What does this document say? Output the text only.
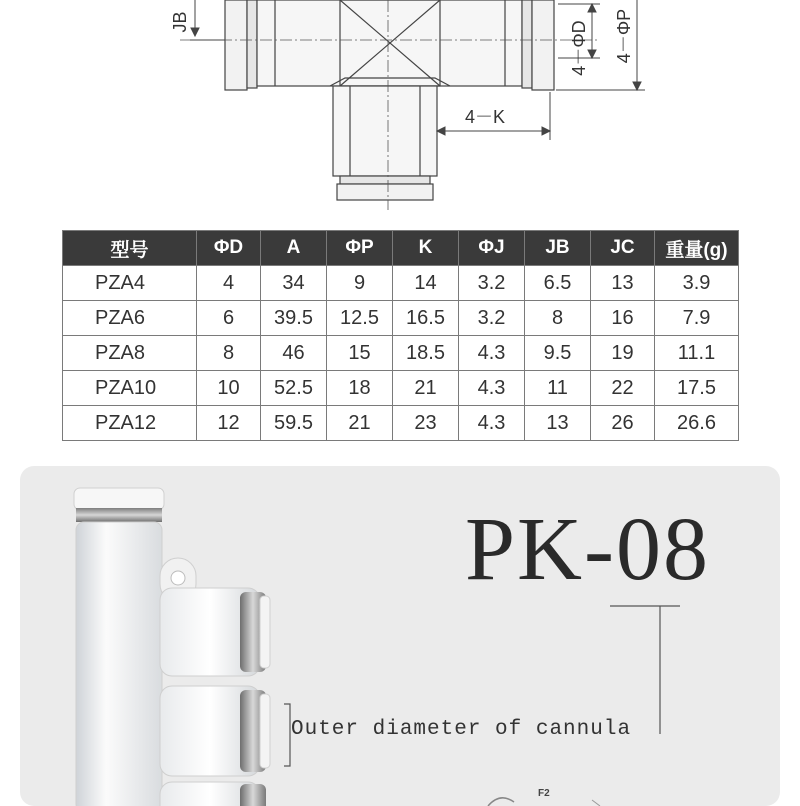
JB	4－ΦD 4－ΦP
4－K
型号	ΦD	A	ΦP	K	ΦJ	JB	JC	重量(g)
PZA4	4	34	9	14	3.2	6.5	13	3.9
PZA6	6	39.5	12.5	16.5	3.2	8	16	7.9
PZA8	8	46	15	18.5	4.3	9.5	19	11.1
PZA10	10	52.5	18	21	4.3	11	22	17.5
PZA12	12	59.5	21	23	4.3	13	26	26.6
PK-08
Outer diameter of cannula
F2
